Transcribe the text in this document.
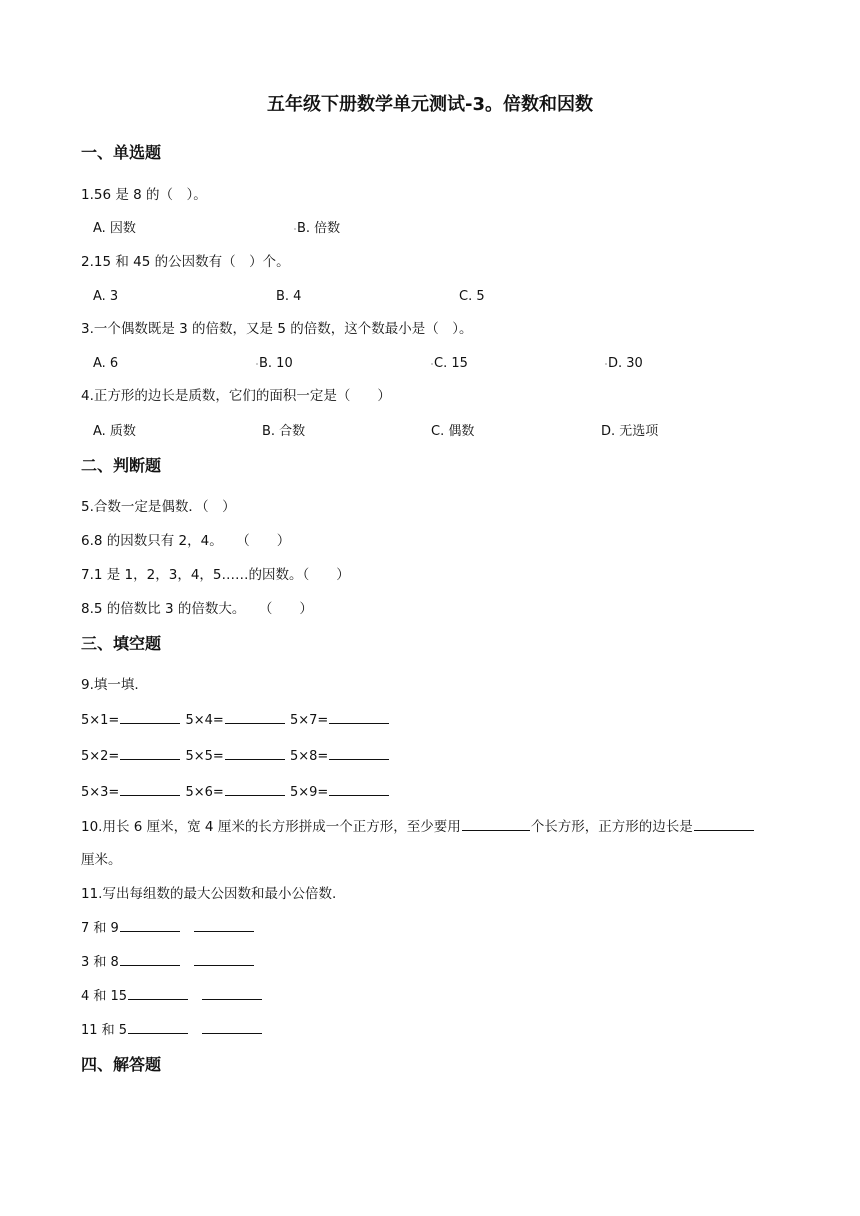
五年级下册数学单元测试-3。倍数和因数
一、单选题
1.56 是 8 的（　）。
A. 因数	B. 倍数
2.15 和 45 的公因数有（　）个。
A. 3	B. 4	C. 5
3.一个偶数既是 3 的倍数，又是 5 的倍数，这个数最小是（　）。
A. 6	B. 10	C. 15	D. 30
4.正方形的边长是质数，它们的面积一定是（　　）
A. 质数	B. 合数	C. 偶数	D. 无选项
二、判断题
5.合数一定是偶数．（　）
6.8 的因数只有 2，4。　　（　　）
7.1 是 1，2，3，4，5……的因数。（　　）
8.5 的倍数比 3 的倍数大。　　（　　）
三、填空题
9.填一填.
5×1=	5×4=	5×7=
5×2=	5×5=	5×8=
5×3=	5×6=	5×9=
10.用长 6 厘米，宽 4 厘米的长方形拼成一个正方形，至少要用	个长方形，正方形的边长是
厘米。
11.写出每组数的最大公因数和最小公倍数.
7 和 9
3 和 8
4 和 15
11 和 5
四、解答题
